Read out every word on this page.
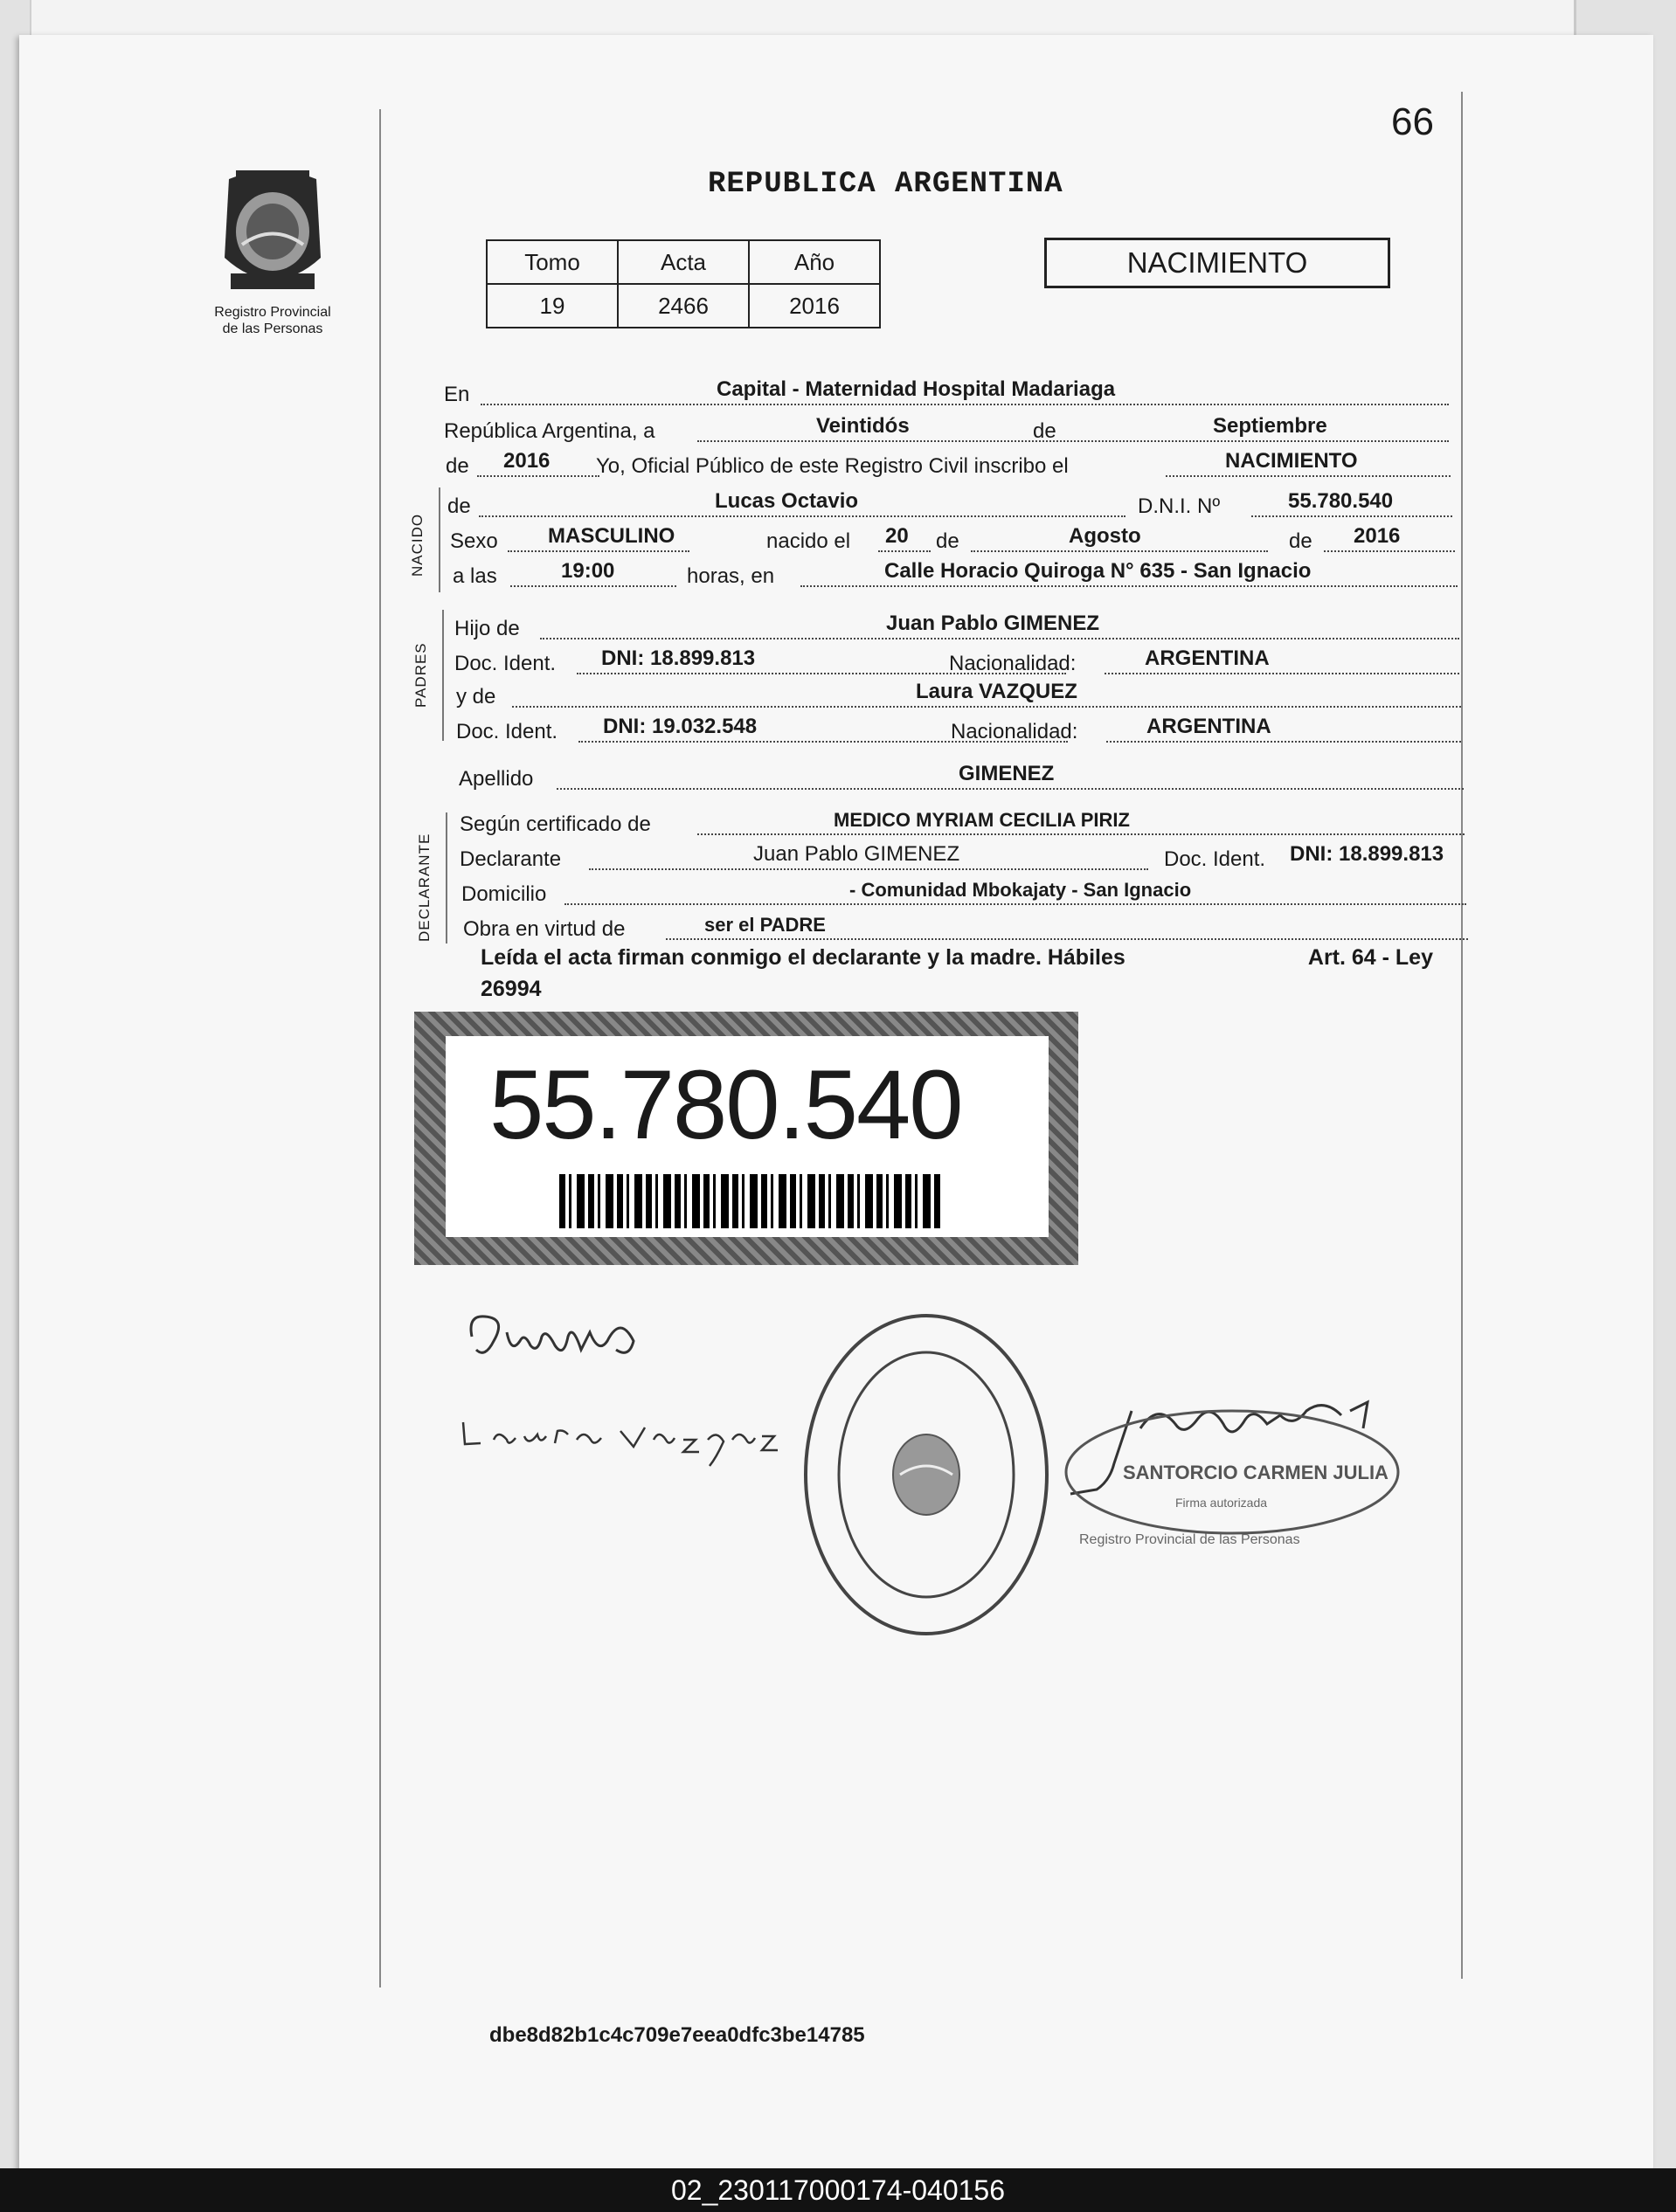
66
Registro Provincial
de las Personas
REPUBLICA ARGENTINA
Tomo	Acta	Año
19	2466	2016
NACIMIENTO
En	Capital - Maternidad Hospital Madariaga
República Argentina, a	Veintidós	de	Septiembre
de 2016 Yo, Oficial Público de este Registro Civil inscribo el	NACIMIENTO
NACIDO
de	Lucas Octavio	D.N.I. Nº	55.780.540
Sexo MASCULINO	nacido el 20 de	Agosto	de 2016
a las	19:00	horas, en	Calle Horacio Quiroga N° 635 - San Ignacio
PADRES
Hijo de	Juan Pablo GIMENEZ
Doc. Ident. DNI: 18.899.813	Nacionalidad:	ARGENTINA
y de	Laura VAZQUEZ
Doc. Ident. DNI: 19.032.548	Nacionalidad:	ARGENTINA
Apellido	GIMENEZ
DECLARANTE
Según certificado de	MEDICO MYRIAM CECILIA PIRIZ
Declarante	Juan Pablo GIMENEZ	Doc. Ident. DNI: 18.899.813
Domicilio	- Comunidad Mbokajaty - San Ignacio
Obra en virtud de	ser el PADRE
Leída el acta firman conmigo el declarante y la madre. Hábiles	Art. 64 - Ley
26994
55.780.540
SANTORCIO CARMEN JULIA
Firma autorizada
Registro Provincial de las Personas
dbe8d82b1c4c709e7eea0dfc3be14785
02_230117000174-040156
